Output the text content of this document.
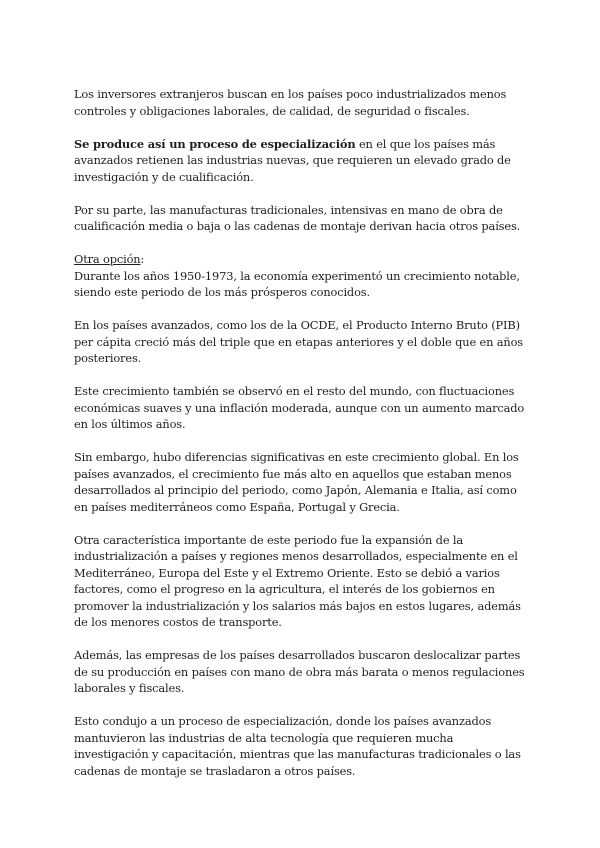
Los inversores extranjeros buscan en los países poco industrializados menos controles y obligaciones laborales, de calidad, de seguridad o fiscales.

Se produce así un proceso de especialización en el que los países más avanzados retienen las industrias nuevas, que requieren un elevado grado de investigación y de cualificación.

Por su parte, las manufacturas tradicionales, intensivas en mano de obra de cualificación media o baja o las cadenas de montaje derivan hacia otros países.

Otra opción:

Durante los años 1950-1973, la economía experimentó un crecimiento notable, siendo este periodo de los más prósperos conocidos.

En los países avanzados, como los de la OCDE, el Producto Interno Bruto (PIB) per cápita creció más del triple que en etapas anteriores y el doble que en años posteriores.

Este crecimiento también se observó en el resto del mundo, con fluctuaciones económicas suaves y una inflación moderada, aunque con un aumento marcado en los últimos años.

Sin embargo, hubo diferencias significativas en este crecimiento global. En los países avanzados, el crecimiento fue más alto en aquellos que estaban menos desarrollados al principio del periodo, como Japón, Alemania e Italia, así como en países mediterráneos como España, Portugal y Grecia.

Otra característica importante de este periodo fue la expansión de la industrialización a países y regiones menos desarrollados, especialmente en el Mediterráneo, Europa del Este y el Extremo Oriente. Esto se debió a varios factores, como el progreso en la agricultura, el interés de los gobiernos en promover la industrialización y los salarios más bajos en estos lugares, además de los menores costos de transporte.

Además, las empresas de los países desarrollados buscaron deslocalizar partes de su producción en países con mano de obra más barata o menos regulaciones laborales y fiscales.

Esto condujo a un proceso de especialización, donde los países avanzados mantuvieron las industrias de alta tecnología que requieren mucha investigación y capacitación, mientras que las manufacturas tradicionales o las cadenas de montaje se trasladaron a otros países.
